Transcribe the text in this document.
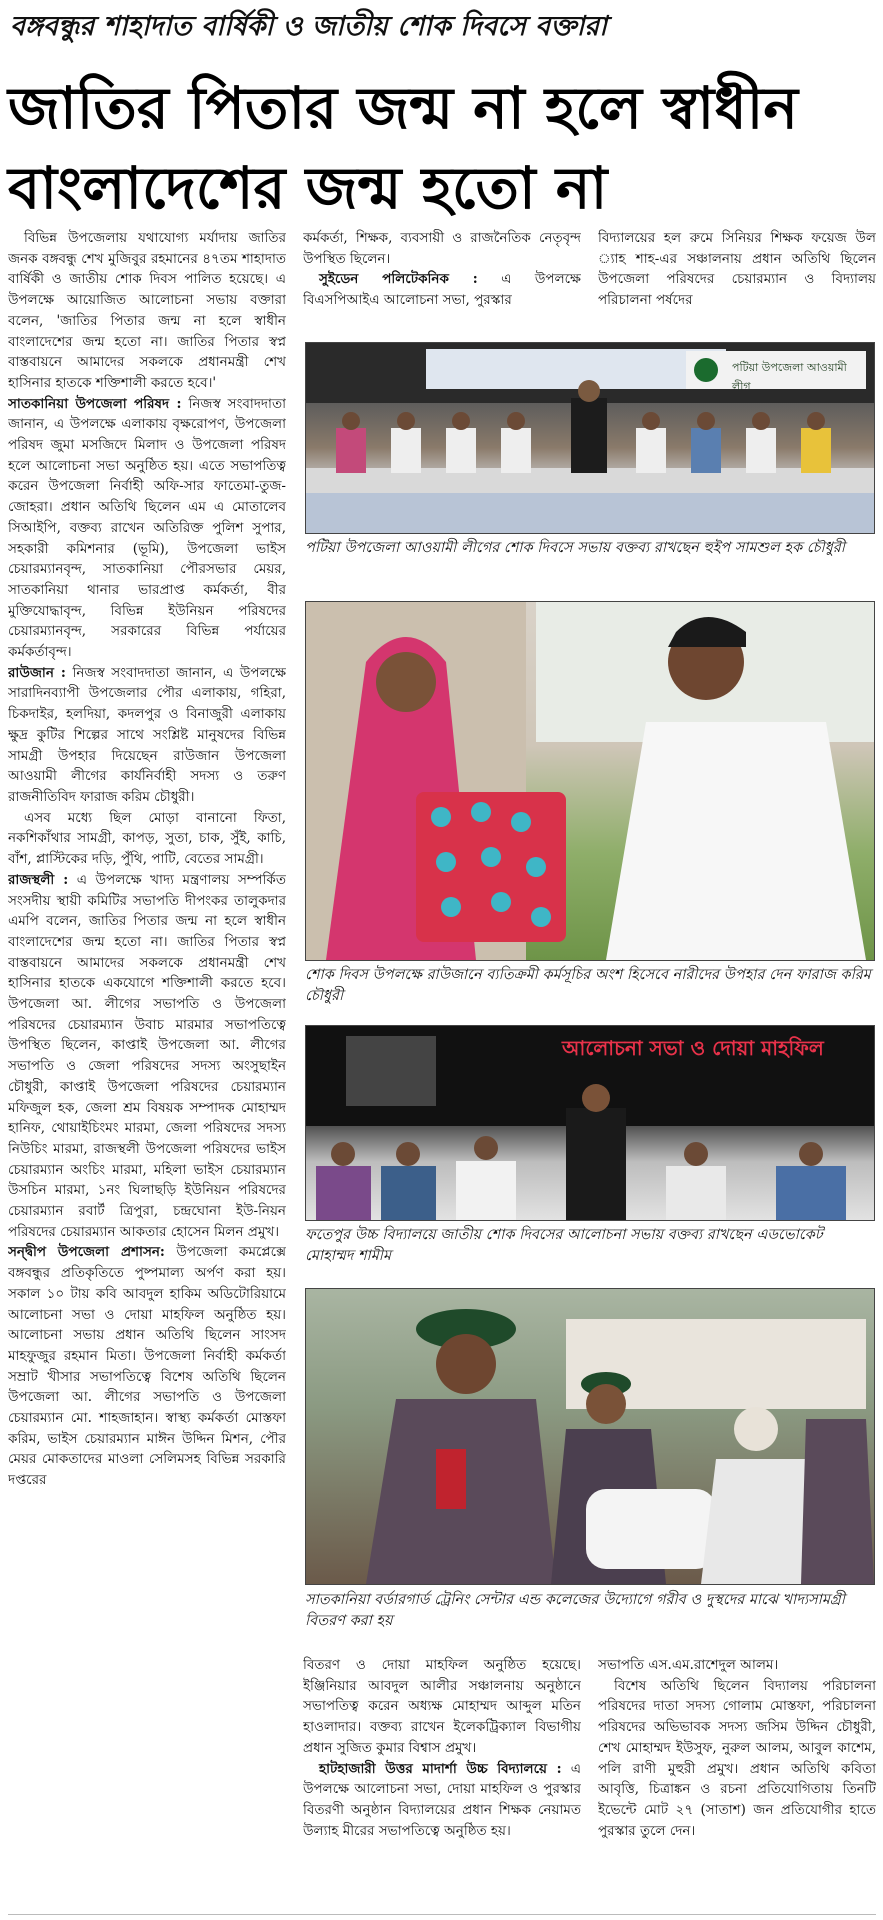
বঙ্গবন্ধুর শাহাদাত বার্ষিকী ও জাতীয় শোক দিবসে বক্তারা
জাতির পিতার জন্ম না হলে স্বাধীন
বাংলাদেশের জন্ম হতো না

বিভিন্ন উপজেলায় যথাযোগ্য মর্যাদায় জাতির জনক বঙ্গবন্ধু শেখ মুজিবুর রহমানের ৪৭তম শাহাদাত বার্ষিকী ও জাতীয় শোক দিবস পালিত হয়েছে। এ উপলক্ষে আয়োজিত আলোচনা সভায় বক্তারা বলেন, 'জাতির পিতার জন্ম না হলে স্বাধীন বাংলাদেশের জন্ম হতো না। জাতির পিতার স্বপ্ন বাস্তবায়নে আমাদের সকলকে প্রধানমন্ত্রী শেখ হাসিনার হাতকে শক্তিশালী করতে হবে।'

সাতকানিয়া উপজেলা পরিষদ : নিজস্ব সংবাদদাতা জানান, এ উপলক্ষে এলাকায় বৃক্ষরোপণ, উপজেলা পরিষদ জুমা মসজিদে মিলাদ ও উপজেলা পরিষদ হলে আলোচনা সভা অনুষ্ঠিত হয়। এতে সভাপতিত্ব করেন উপজেলা নির্বাহী অফি-সার ফাতেমা-তুজ-জোহরা। প্রধান অতিথি ছিলেন এম এ মোতালেব সিআইপি, বক্তব্য রাখেন অতিরিক্ত পুলিশ সুপার, সহকারী কমিশনার (ভূমি), উপজেলা ভাইস চেয়ারম্যানবৃন্দ, সাতকানিয়া পৌরসভার মেয়র, সাতকানিয়া থানার ভারপ্রাপ্ত কর্মকর্তা, বীর মুক্তিযোদ্ধাবৃন্দ, বিভিন্ন ইউনিয়ন পরিষদের চেয়ারম্যানবৃন্দ, সরকারের বিভিন্ন পর্যায়ের কর্মকর্তাবৃন্দ।

রাউজান : নিজস্ব সংবাদদাতা জানান, এ উপলক্ষে সারাদিনব্যাপী উপজেলার পৌর এলাকায়, গহিরা, চিকদাইর, হলদিয়া, কদলপুর ও বিনাজুরী এলাকায় ক্ষুদ্র কুটির শিল্পের সাথে সংশ্লিষ্ট মানুষদের বিভিন্ন সামগ্রী উপহার দিয়েছেন রাউজান উপজেলা আওয়ামী লীগের কার্যনির্বাহী সদস্য ও তরুণ রাজনীতিবিদ ফারাজ করিম চৌধুরী।

এসব মধ্যে ছিল মোড়া বানানো ফিতা, নকশিকাঁথার সামগ্রী, কাপড়, সুতা, চাক, সুঁই, কাচি, বাঁশ, প্লাস্টিকের দড়ি, পুঁথি, পাটি, বেতের সামগ্রী।

রাজস্থলী : এ উপলক্ষে খাদ্য মন্ত্রণালয় সম্পর্কিত সংসদীয় স্থায়ী কমিটির সভাপতি দীপংকর তালুকদার এমপি বলেন, জাতির পিতার জন্ম না হলে স্বাধীন বাংলাদেশের জন্ম হতো না। জাতির পিতার স্বপ্ন বাস্তবায়নে আমাদের সকলকে প্রধানমন্ত্রী শেখ হাসিনার হাতকে একযোগে শক্তিশালী করতে হবে। উপজেলা আ. লীগের সভাপতি ও উপজেলা পরিষদের চেয়ারম্যান উবাচ মারমার সভাপতিত্বে উপস্থিত ছিলেন, কাপ্তাই উপজেলা আ. লীগের সভাপতি ও জেলা পরিষদের সদস্য অংসুছাইন চৌধুরী, কাপ্তাই উপজেলা পরিষদের চেয়ারম্যান মফিজুল হক, জেলা শ্রম বিষয়ক সম্পাদক মোহাম্মদ হানিফ, থোয়াইচিংমং মারমা, জেলা পরিষদের সদস্য নিউচিং মারমা, রাজস্থলী উপজেলা পরিষদের ভাইস চেয়ারম্যান অংচিং মারমা, মহিলা ভাইস চেয়ারম্যান উসচিন মারমা, ১নং ঘিলাছড়ি ইউনিয়ন পরিষদের চেয়ারম্যান রবার্ট ত্রিপুরা, চন্দ্রঘোনা ইউ-নিয়ন পরিষদের চেয়ারম্যান আকতার হোসেন মিলন প্রমুখ।

সন্দ্বীপ উপজেলা প্রশাসন: উপজেলা কমপ্লেক্সে বঙ্গবন্ধুর প্রতিকৃতিতে পুষ্পমাল্য অর্পণ করা হয়। সকাল ১০ টায় কবি আবদুল হাকিম অডিটোরিয়ামে আলোচনা সভা ও দোয়া মাহফিল অনুষ্ঠিত হয়। আলোচনা সভায় প্রধান অতিথি ছিলেন সাংসদ মাহফুজুর রহমান মিতা। উপজেলা নির্বাহী কর্মকর্তা সম্রাট খীসার সভাপতিত্বে বিশেষ অতিথি ছিলেন উপজেলা আ. লীগের সভাপতি ও উপজেলা চেয়ারম্যান মো. শাহজাহান। স্বাস্থ্য কর্মকর্তা মোস্তফা করিম, ভাইস চেয়ারম্যান মাঈন উদ্দিন মিশন, পৌর মেয়র মোকতাদের মাওলা সেলিমসহ বিভিন্ন সরকারি দপ্তরের

কর্মকর্তা, শিক্ষক, ব্যবসায়ী ও রাজনৈতিক নেতৃবৃন্দ উপস্থিত ছিলেন।

সুইডেন পলিটেকনিক : এ উপলক্ষে বিএসপিআইএ আলোচনা সভা, পুরস্কার

বিদ্যালয়ের হল রুমে সিনিয়র শিক্ষক ফয়েজ উল ্যাহ শাহ-এর সঞ্চালনায় প্রধান অতিথি ছিলেন উপজেলা পরিষদের চেয়ারম্যান ও বিদ্যালয় পরিচালনা পর্ষদের

পটিয়া উপজেলা আওয়ামী লীগ
পটিয়া উপজেলা আওয়ামী লীগের শোক দিবসে সভায় বক্তব্য রাখছেন হুইপ সামশুল হক চৌধুরী
শোক দিবস উপলক্ষে রাউজানে ব্যতিক্রমী কর্মসূচির অংশ হিসেবে নারীদের উপহার দেন ফারাজ করিম চৌধুরী
আলোচনা সভা ও দোয়া মাহফিল
ফতেপুর উচ্চ বিদ্যালয়ে জাতীয় শোক দিবসের আলোচনা সভায় বক্তব্য রাখছেন এডভোকেট মোহাম্মদ শামীম
সাতকানিয়া বর্ডারগার্ড ট্রেনিং সেন্টার এন্ড কলেজের উদ্যোগে গরীব ও দুস্থদের মাঝে খাদ্যসামগ্রী বিতরণ করা হয়

বিতরণ ও দোয়া মাহফিল অনুষ্ঠিত হয়েছে। ইঞ্জিনিয়ার আবদুল আলীর সঞ্চালনায় অনুষ্ঠানে সভাপতিত্ব করেন অধ্যক্ষ মোহাম্মদ আব্দুল মতিন হাওলাদার। বক্তব্য রাখেন ইলেকট্রিক্যাল বিভাগীয় প্রধান সুজিত কুমার বিশ্বাস প্রমুখ।

হাটহাজারী উত্তর মাদার্শা উচ্চ বিদ্যালয়ে : এ উপলক্ষে আলোচনা সভা, দোয়া মাহফিল ও পুরস্কার বিতরণী অনুষ্ঠান বিদ্যালয়ের প্রধান শিক্ষক নেয়ামত উল্যাহ মীরের সভাপতিত্বে অনুষ্ঠিত হয়।

সভাপতি এস.এম.রাশেদুল আলম।

বিশেষ অতিথি ছিলেন বিদ্যালয় পরিচালনা পরিষদের দাতা সদস্য গোলাম মোস্তফা, পরিচালনা পরিষদের অভিভাবক সদস্য জসিম উদ্দিন চৌধুরী, শেখ মোহাম্মদ ইউসুফ, নুরুল আলম, আবুল কাশেম, পলি রাণী মুহুরী প্রমুখ। প্রধান অতিথি কবিতা আবৃত্তি, চিত্রাঙ্কন ও রচনা প্রতিযোগিতায় তিনটি ইভেন্টে মোট ২৭ (সাতাশ) জন প্রতিযোগীর হাতে পুরস্কার তুলে দেন।
